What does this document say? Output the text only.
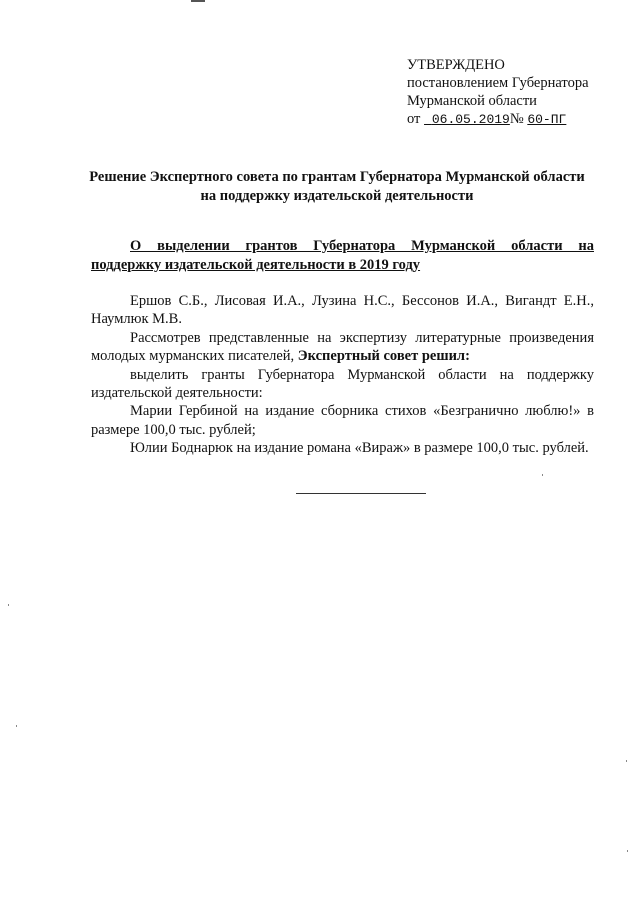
УТВЕРЖДЕНО
постановлением Губернатора
Мурманской области
от 06.05.2019№ 60-ПГ
Решение Экспертного совета по грантам Губернатора Мурманской области на поддержку издательской деятельности
О выделении грантов Губернатора Мурманской области на поддержку издательской деятельности в 2019 году

Ершов С.Б., Лисовая И.А., Лузина Н.С., Бессонов И.А., Вигандт Е.Н., Наумлюк М.В.

Рассмотрев представленные на экспертизу литературные произведения молодых мурманских писателей, Экспертный совет решил:

выделить гранты Губернатора Мурманской области на поддержку издательской деятельности:

Марии Гербиной на издание сборника стихов «Безгранично люблю!» в размере 100,0 тыс. рублей;

Юлии Боднарюк на издание романа «Вираж» в размере 100,0 тыс. рублей.
